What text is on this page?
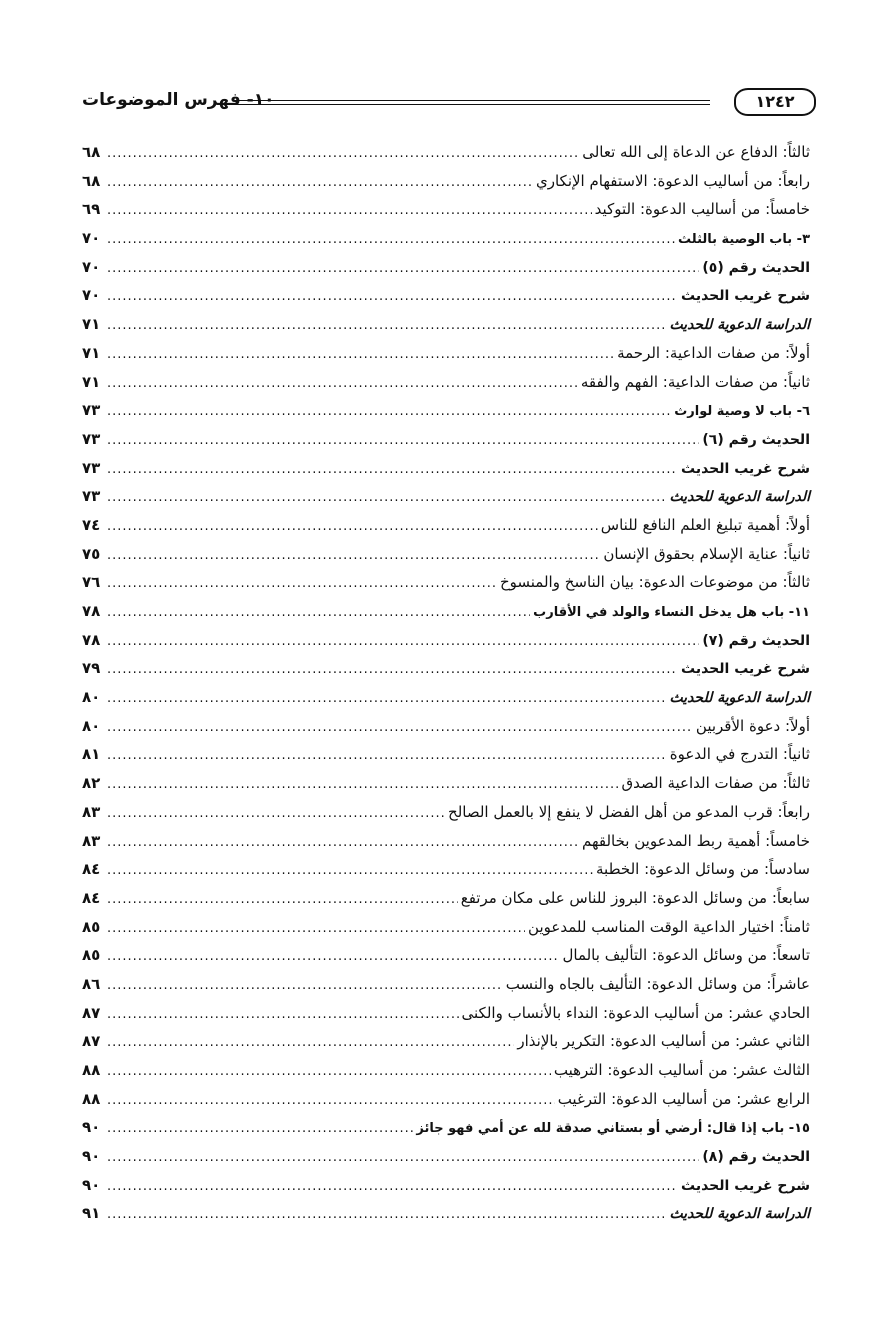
١٠- فهرس الموضوعات	١٢٤٢
ثالثاً: الدفاع عن الدعاة إلى الله تعالى
.....
٦٨
رابعاً: من أساليب الدعوة: الاستفهام الإنكاري
.....
٦٨
خامساً: من أساليب الدعوة: التوكيد
.....
٦٩
٣- باب الوصية بالثلث
.....
٧٠
الحديث رقم (٥)
.....
٧٠
شرح غريب الحديث
.....
٧٠
الدراسة الدعوية للحديث
.....
٧١
أولاً: من صفات الداعية: الرحمة
.....
٧١
ثانياً: من صفات الداعية: الفهم والفقه
.....
٧١
٦- باب لا وصية لوارث
.....
٧٣
الحديث رقم (٦)
.....
٧٣
شرح غريب الحديث
.....
٧٣
الدراسة الدعوية للحديث
.....
٧٣
أولاً: أهمية تبليغ العلم النافع للناس
.....
٧٤
ثانياً: عناية الإسلام بحقوق الإنسان
.....
٧٥
ثالثاً: من موضوعات الدعوة: بيان الناسخ والمنسوخ
.....
٧٦
١١- باب هل يدخل النساء والولد في الأقارب
.....
٧٨
الحديث رقم (٧)
.....
٧٨
شرح غريب الحديث
.....
٧٩
الدراسة الدعوية للحديث
.....
٨٠
أولاً: دعوة الأقربين
.....
٨٠
ثانياً: التدرج في الدعوة
.....
٨١
ثالثاً: من صفات الداعية الصدق
.....
٨٢
رابعاً: قرب المدعو من أهل الفضل لا ينفع إلا بالعمل الصالح
.....
٨٣
خامساً: أهمية ربط المدعوين بخالقهم
.....
٨٣
سادساً: من وسائل الدعوة: الخطبة
.....
٨٤
سابعاً: من وسائل الدعوة: البروز للناس على مكان مرتفع
.....
٨٤
ثامناً: اختيار الداعية الوقت المناسب للمدعوين
.....
٨٥
تاسعاً: من وسائل الدعوة: التأليف بالمال
.....
٨٥
عاشراً: من وسائل الدعوة: التأليف بالجاه والنسب
.....
٨٦
الحادي عشر: من أساليب الدعوة: النداء بالأنساب والكنى
.....
٨٧
الثاني عشر: من أساليب الدعوة: التكرير بالإنذار
.....
٨٧
الثالث عشر: من أساليب الدعوة: الترهيب
.....
٨٨
الرابع عشر: من أساليب الدعوة: الترغيب
.....
٨٨
١٥- باب إذا قال: أرضي أو بستاني صدقة لله عن أمي فهو جائز
.....
٩٠
الحديث رقم (٨)
.....
٩٠
شرح غريب الحديث
.....
٩٠
الدراسة الدعوية للحديث
.....
٩١
